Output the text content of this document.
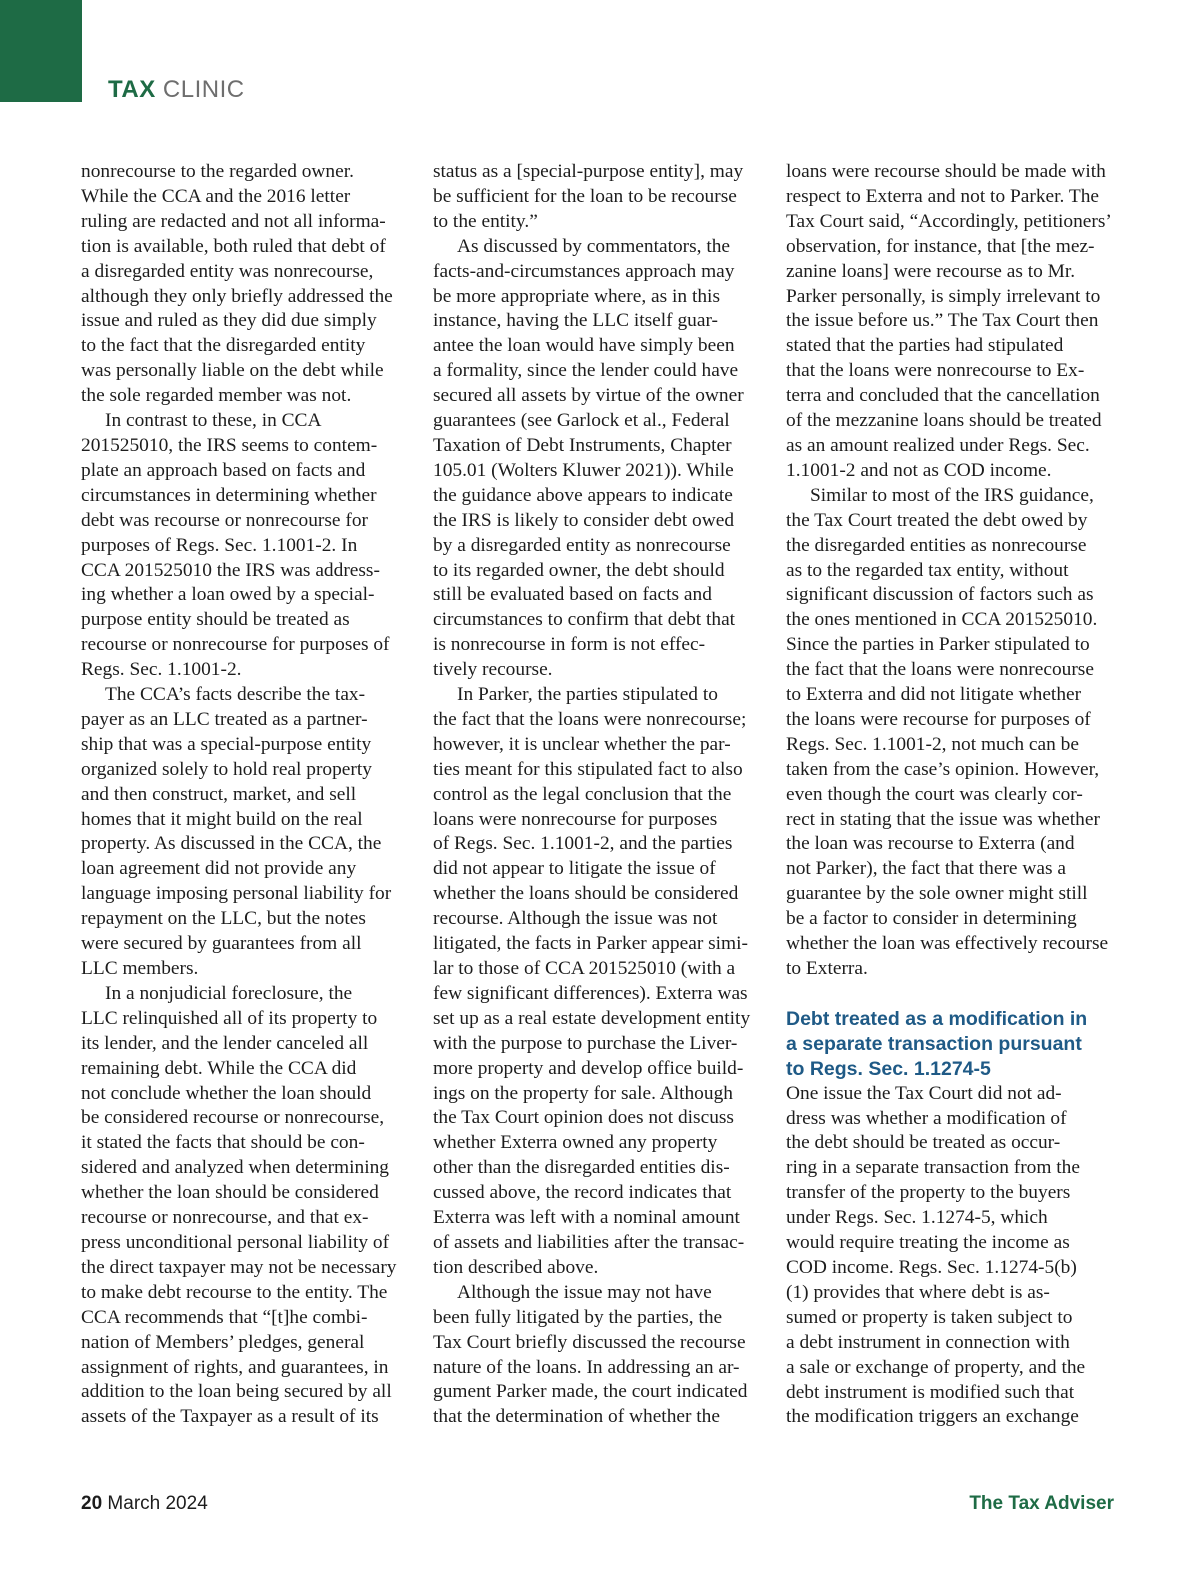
TAX CLINIC
nonrecourse to the regarded owner.
While the CCA and the 2016 letter
ruling are redacted and not all informa-
tion is available, both ruled that debt of
a disregarded entity was nonrecourse,
although they only briefly addressed the
issue and ruled as they did due simply
to the fact that the disregarded entity
was personally liable on the debt while
the sole regarded member was not.
In contrast to these, in CCA
201525010, the IRS seems to contem-
plate an approach based on facts and
circumstances in determining whether
debt was recourse or nonrecourse for
purposes of Regs. Sec. 1.1001-2. In
CCA 201525010 the IRS was address-
ing whether a loan owed by a special-
purpose entity should be treated as
recourse or nonrecourse for purposes of
Regs. Sec. 1.1001-2.
The CCA’s facts describe the tax-
payer as an LLC treated as a partner-
ship that was a special-purpose entity
organized solely to hold real property
and then construct, market, and sell
homes that it might build on the real
property. As discussed in the CCA, the
loan agreement did not provide any
language imposing personal liability for
repayment on the LLC, but the notes
were secured by guarantees from all
LLC members.
In a nonjudicial foreclosure, the
LLC relinquished all of its property to
its lender, and the lender canceled all
remaining debt. While the CCA did
not conclude whether the loan should
be considered recourse or nonrecourse,
it stated the facts that should be con-
sidered and analyzed when determining
whether the loan should be considered
recourse or nonrecourse, and that ex-
press unconditional personal liability of
the direct taxpayer may not be necessary
to make debt recourse to the entity. The
CCA recommends that “[t]he combi-
nation of Members’ pledges, general
assignment of rights, and guarantees, in
addition to the loan being secured by all
assets of the Taxpayer as a result of its
status as a [special-purpose entity], may
be sufficient for the loan to be recourse
to the entity.”
As discussed by commentators, the
facts-and-circumstances approach may
be more appropriate where, as in this
instance, having the LLC itself guar-
antee the loan would have simply been
a formality, since the lender could have
secured all assets by virtue of the owner
guarantees (see Garlock et al., Federal
Taxation of Debt Instruments, Chapter
105.01 (Wolters Kluwer 2021)). While
the guidance above appears to indicate
the IRS is likely to consider debt owed
by a disregarded entity as nonrecourse
to its regarded owner, the debt should
still be evaluated based on facts and
circumstances to confirm that debt that
is nonrecourse in form is not effec-
tively recourse.
In Parker, the parties stipulated to
the fact that the loans were nonrecourse;
however, it is unclear whether the par-
ties meant for this stipulated fact to also
control as the legal conclusion that the
loans were nonrecourse for purposes
of Regs. Sec. 1.1001-2, and the parties
did not appear to litigate the issue of
whether the loans should be considered
recourse. Although the issue was not
litigated, the facts in Parker appear simi-
lar to those of CCA 201525010 (with a
few significant differences). Exterra was
set up as a real estate development entity
with the purpose to purchase the Liver-
more property and develop office build-
ings on the property for sale. Although
the Tax Court opinion does not discuss
whether Exterra owned any property
other than the disregarded entities dis-
cussed above, the record indicates that
Exterra was left with a nominal amount
of assets and liabilities after the transac-
tion described above.
Although the issue may not have
been fully litigated by the parties, the
Tax Court briefly discussed the recourse
nature of the loans. In addressing an ar-
gument Parker made, the court indicated
that the determination of whether the
loans were recourse should be made with
respect to Exterra and not to Parker. The
Tax Court said, “Accordingly, petitioners’
observation, for instance, that [the mez-
zanine loans] were recourse as to Mr.
Parker personally, is simply irrelevant to
the issue before us.” The Tax Court then
stated that the parties had stipulated
that the loans were nonrecourse to Ex-
terra and concluded that the cancellation
of the mezzanine loans should be treated
as an amount realized under Regs. Sec.
1.1001-2 and not as COD income.
Similar to most of the IRS guidance,
the Tax Court treated the debt owed by
the disregarded entities as nonrecourse
as to the regarded tax entity, without
significant discussion of factors such as
the ones mentioned in CCA 201525010.
Since the parties in Parker stipulated to
the fact that the loans were nonrecourse
to Exterra and did not litigate whether
the loans were recourse for purposes of
Regs. Sec. 1.1001-2, not much can be
taken from the case’s opinion. However,
even though the court was clearly cor-
rect in stating that the issue was whether
the loan was recourse to Exterra (and
not Parker), the fact that there was a
guarantee by the sole owner might still
be a factor to consider in determining
whether the loan was effectively recourse
to Exterra.
Debt treated as a modification in
a separate transaction pursuant
to Regs. Sec. 1.1274-5
One issue the Tax Court did not ad-
dress was whether a modification of
the debt should be treated as occur-
ring in a separate transaction from the
transfer of the property to the buyers
under Regs. Sec. 1.1274-5, which
would require treating the income as
COD income. Regs. Sec. 1.1274-5(b)
(1) provides that where debt is as-
sumed or property is taken subject to
a debt instrument in connection with
a sale or exchange of property, and the
debt instrument is modified such that
the modification triggers an exchange
20 March 2024	The Tax Adviser
